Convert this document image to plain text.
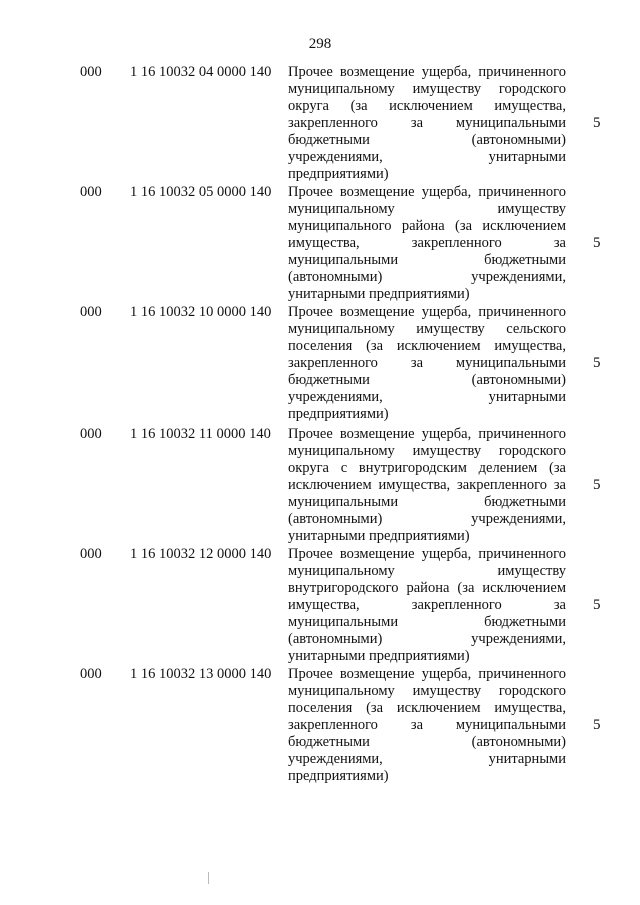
298
000 1 16 10032 04 0000 140 Прочее возмещение ущерба, причиненного
муниципальному имуществу городского
округа (за исключением имущества,
закрепленного за муниципальными
бюджетными (автономными)
учреждениями, унитарными
предприятиями)
5
000 1 16 10032 05 0000 140 Прочее возмещение ущерба, причиненного
муниципальному имуществу
муниципального района (за исключением
имущества, закрепленного за
муниципальными бюджетными
(автономными) учреждениями,
унитарными предприятиями)
5
000 1 16 10032 10 0000 140 Прочее возмещение ущерба, причиненного
муниципальному имуществу сельского
поселения (за исключением имущества,
закрепленного за муниципальными
бюджетными (автономными)
учреждениями, унитарными
предприятиями)
5
000 1 16 10032 11 0000 140 Прочее возмещение ущерба, причиненного
муниципальному имуществу городского
округа с внутригородским делением (за
исключением имущества, закрепленного за
муниципальными бюджетными
(автономными) учреждениями,
унитарными предприятиями)
5
000 1 16 10032 12 0000 140 Прочее возмещение ущерба, причиненного
муниципальному имуществу
внутригородского района (за исключением
имущества, закрепленного за
муниципальными бюджетными
(автономными) учреждениями,
унитарными предприятиями)
5
000 1 16 10032 13 0000 140 Прочее возмещение ущерба, причиненного
муниципальному имуществу городского
поселения (за исключением имущества,
закрепленного за муниципальными
бюджетными (автономными)
учреждениями, унитарными
предприятиями)
5
